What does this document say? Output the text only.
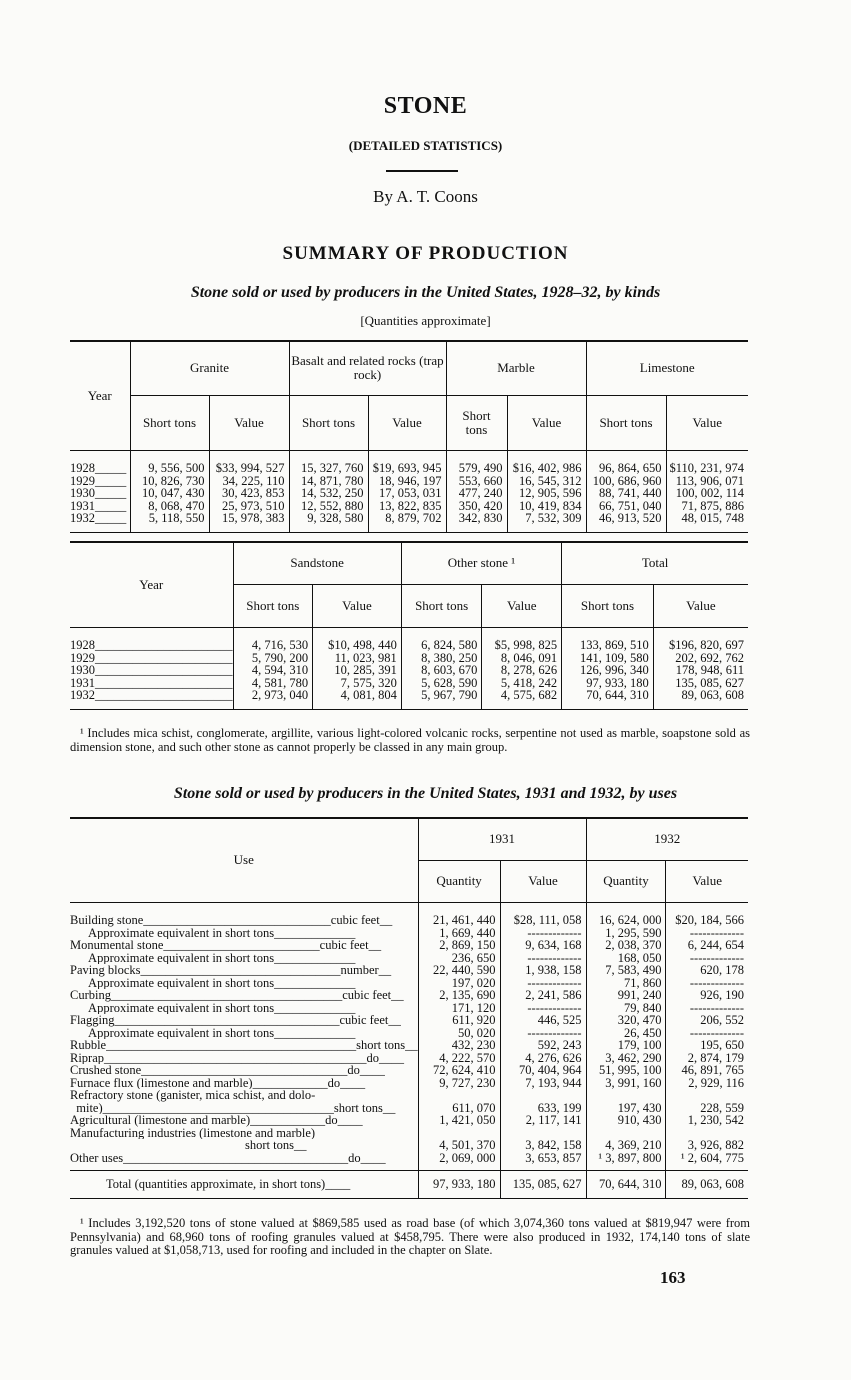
STONE
(DETAILED STATISTICS)
By A. T. Coons
SUMMARY OF PRODUCTION
Stone sold or used by producers in the United States, 1928–32, by kinds
[Quantities approximate]
Year	Granite		Basalt and related rocks (trap rock)		Marble		Limestone	
	Short tons	Value	Short tons	Value	Short tons	Value	Short tons	Value

1928_____	9, 556, 500	$33, 994, 527	15, 327, 760	$19, 693, 945	579, 490	$16, 402, 986	96, 864, 650	$110, 231, 974
1929_____	10, 826, 730	34, 225, 110	14, 871, 780	18, 946, 197	553, 660	16, 545, 312	100, 686, 960	113, 906, 071
1930_____	10, 047, 430	30, 423, 853	14, 532, 250	17, 053, 031	477, 240	12, 905, 596	88, 741, 440	100, 002, 114
1931_____	8, 068, 470	25, 973, 510	12, 552, 880	13, 822, 835	350, 420	10, 419, 834	66, 751, 040	71, 875, 886
1932_____	5, 118, 550	15, 978, 383	9, 328, 580	8, 879, 702	342, 830	7, 532, 309	46, 913, 520	48, 015, 748

Year	Sandstone		Other stone ¹		Total	
	Short tons	Value	Short tons	Value	Short tons	Value

1928______________________	4, 716, 530	$10, 498, 440	6, 824, 580	$5, 998, 825	133, 869, 510	$196, 820, 697
1929______________________	5, 790, 200	11, 023, 981	8, 380, 250	8, 046, 091	141, 109, 580	202, 692, 762
1930______________________	4, 594, 310	10, 285, 391	8, 603, 670	8, 278, 626	126, 996, 340	178, 948, 611
1931______________________	4, 581, 780	7, 575, 320	5, 628, 590	5, 418, 242	97, 933, 180	135, 085, 627
1932______________________	2, 973, 040	4, 081, 804	5, 967, 790	4, 575, 682	70, 644, 310	89, 063, 608

¹ Includes mica schist, conglomerate, argillite, various light-colored volcanic rocks, serpentine not used as marble, soapstone sold as dimension stone, and such other stone as cannot properly be classed in any main group.
Stone sold or used by producers in the United States, 1931 and 1932, by uses
Use	1931		1932	
	Quantity	Value	Quantity	Value

Building stone______________________________cubic feet__	21, 461, 440	$28, 111, 058	16, 624, 000	$20, 184, 566
Approximate equivalent in short tons_____________	1, 669, 440	-------------	1, 295, 590	-------------
Monumental stone_________________________cubic feet__	2, 869, 150	9, 634, 168	2, 038, 370	6, 244, 654
Approximate equivalent in short tons_____________	236, 650	-------------	168, 050	-------------
Paving blocks________________________________number__	22, 440, 590	1, 938, 158	7, 583, 490	620, 178
Approximate equivalent in short tons_____________	197, 020	-------------	71, 860	-------------
Curbing_____________________________________cubic feet__	2, 135, 690	2, 241, 586	991, 240	926, 190
Approximate equivalent in short tons_____________	171, 120	-------------	79, 840	-------------
Flagging____________________________________cubic feet__	611, 920	446, 525	320, 470	206, 552
Approximate equivalent in short tons_____________	50, 020	-------------	26, 450	-------------
Rubble________________________________________short tons__	432, 230	592, 243	179, 100	195, 650
Riprap__________________________________________do____	4, 222, 570	4, 276, 626	3, 462, 290	2, 874, 179
Crushed stone_________________________________do____	72, 624, 410	70, 404, 964	51, 995, 100	46, 891, 765
Furnace flux (limestone and marble)____________do____	9, 727, 230	7, 193, 944	3, 991, 160	2, 929, 116
Refractory stone (ganister, mica schist, and dolo-				
mite)_____________________________________short tons__	611, 070	633, 199	197, 430	228, 559
Agricultural (limestone and marble)____________do____	1, 421, 050	2, 117, 141	910, 430	1, 230, 542
Manufacturing industries (limestone and marble)				
short tons__	4, 501, 370	3, 842, 158	4, 369, 210	3, 926, 882
Other uses____________________________________do____	2, 069, 000	3, 653, 857	¹ 3, 897, 800	¹ 2, 604, 775

Total (quantities approximate, in short tons)____	97, 933, 180	135, 085, 627	70, 644, 310	89, 063, 608
¹ Includes 3,192,520 tons of stone valued at $869,585 used as road base (of which 3,074,360 tons valued at $819,947 were from Pennsylvania) and 68,960 tons of roofing granules valued at $458,795. There were also produced in 1932, 174,140 tons of slate granules valued at $1,058,713, used for roofing and included in the chapter on Slate.
163
